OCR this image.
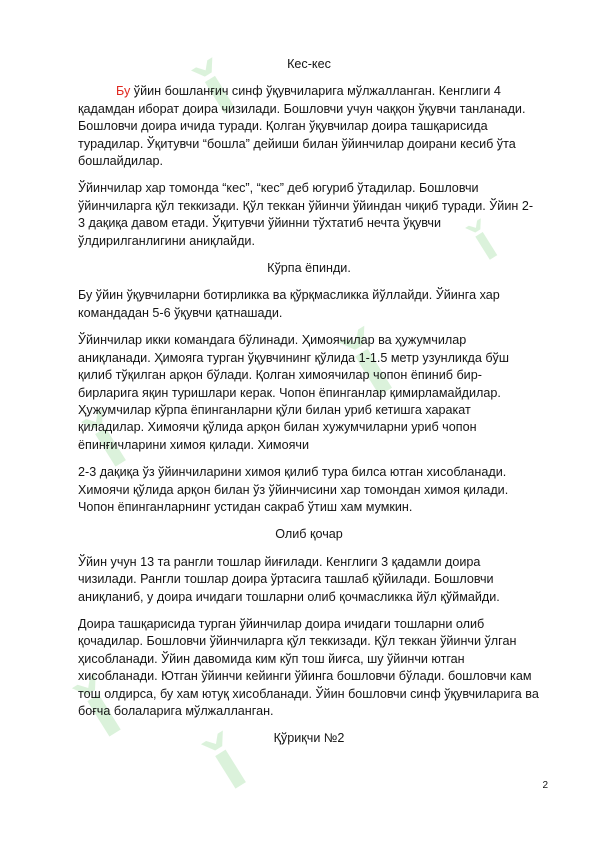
ǐ
ǐ
ǐ
ǐ
ǐ
ǐ
Кес-кес

Бу ўйин бошланғич синф ўқувчиларига мўлжалланган. Кенглиги 4 қадамдан иборат доира чизилади. Бошловчи учун чаққон ўқувчи танланади. Бошловчи доира ичида туради. Қолган ўқувчилар доира ташқарисида турадилар. Ўқитувчи “бошла” дейиши билан ўйинчилар доирани кесиб ўта бошлайдилар.

Ўйинчилар хар томонда “кес”, “кес” деб югуриб ўтадилар. Бошловчи ўйинчиларга қўл теккизади. Қўл теккан ўйинчи ўйиндан чиқиб туради. Ўйин 2-3 дақиқа давом етади. Ўқитувчи ўйинни тўхтатиб нечта ўқувчи ўлдирилганлигини аниқлайди.

Кўрпа ёпинди.

Бу ўйин ўқувчиларни ботирликка ва қўрқмасликка йўллайди. Ўйинга хар командадан 5-6 ўқувчи қатнашади.

Ўйинчилар икки командага бўлинади. Ҳимоячилар ва ҳужумчилар аниқланади. Ҳимояга турган ўқувчининг қўлида 1-1.5 метр узунликда бўш қилиб тўқилган арқон бўлади. Қолган химоячилар чопон ёпиниб бир-бирларига яқин туришлари керак. Чопон ёпинганлар қимирламайдилар. Ҳужумчилар кўрпа ёпинганларни қўли билан уриб кетишга харакат қиладилар. Химоячи қўлида арқон билан хужумчиларни уриб чопон ёпинғичларини химоя қилади. Химоячи

2-3 дақиқа ўз ўйинчиларини химоя қилиб тура билса ютган хисобланади. Химоячи қўлида арқон билан ўз ўйинчисини хар томондан химоя қилади. Чопон ёпинганларнинг устидан сакраб ўтиш хам мумкин.

Олиб қочар

Ўйин учун 13 та рангли тошлар йиғилади. Кенглиги 3 қадамли доира чизилади. Рангли тошлар доира ўртасига ташлаб қўйилади. Бошловчи аниқланиб, у доира ичидаги тошларни олиб қочмасликка йўл қўймайди.

Доира ташқарисида турган ўйинчилар доира ичидаги тошларни олиб қочадилар. Бошловчи ўйинчиларга қўл теккизади. Қўл теккан ўйинчи ўлган ҳисобланади. Ўйин давомида ким кўп тош йиғса, шу ўйинчи ютган хисобланади. Ютган ўйинчи кейинги ўйинга бошловчи бўлади. бошловчи кам тош олдирса, бу хам ютуқ хисобланади. Ўйин бошловчи синф ўқувчиларига ва боғча болаларига мўлжалланган.

Қўриқчи №2
2
